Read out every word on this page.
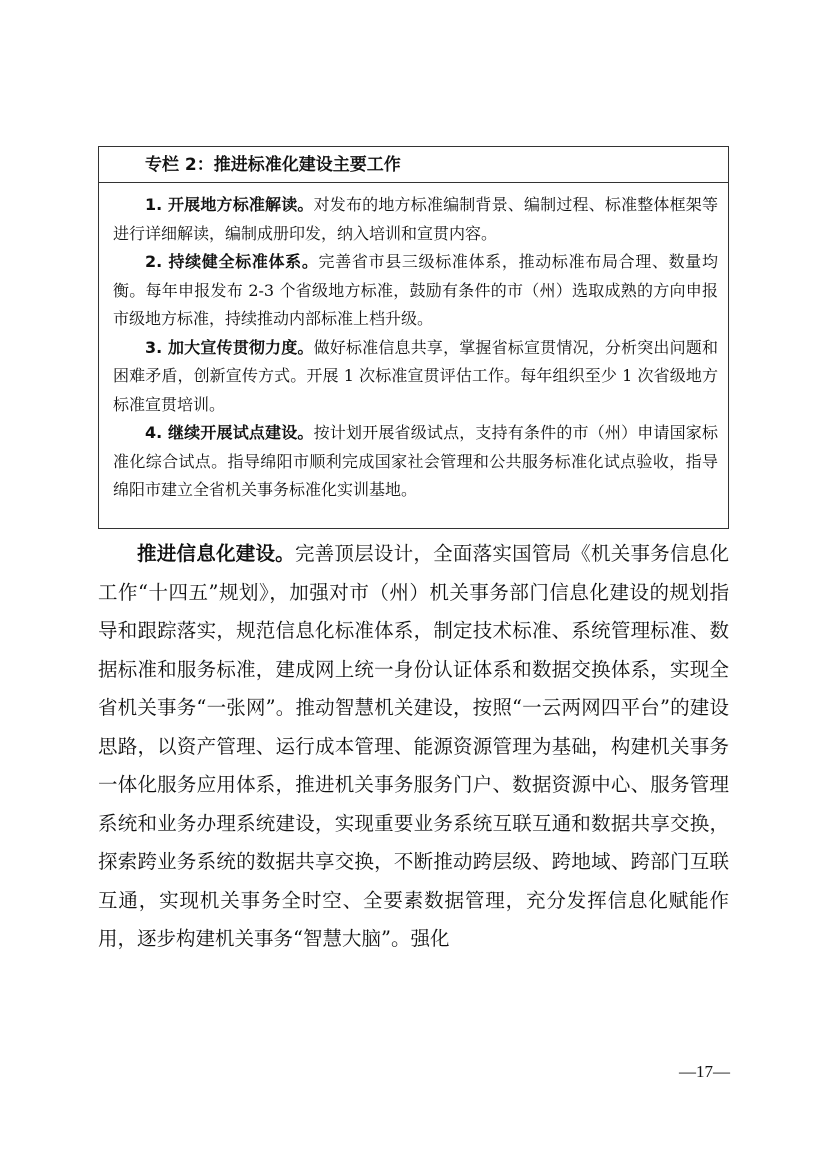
专栏 2：推进标准化建设主要工作

1. 开展地方标准解读。对发布的地方标准编制背景、编制过程、标准整体框架等进行详细解读，编制成册印发，纳入培训和宣贯内容。

2. 持续健全标准体系。完善省市县三级标准体系，推动标准布局合理、数量均衡。每年申报发布 2-3 个省级地方标准，鼓励有条件的市（州）选取成熟的方向申报市级地方标准，持续推动内部标准上档升级。

3. 加大宣传贯彻力度。做好标准信息共享，掌握省标宣贯情况，分析突出问题和困难矛盾，创新宣传方式。开展 1 次标准宣贯评估工作。每年组织至少 1 次省级地方标准宣贯培训。

4. 继续开展试点建设。按计划开展省级试点，支持有条件的市（州）申请国家标准化综合试点。指导绵阳市顺利完成国家社会管理和公共服务标准化试点验收，指导绵阳市建立全省机关事务标准化实训基地。

推进信息化建设。完善顶层设计，全面落实国管局《机关事务信息化工作“十四五”规划》，加强对市（州）机关事务部门信息化建设的规划指导和跟踪落实，规范信息化标准体系，制定技术标准、系统管理标准、数据标准和服务标准，建成网上统一身份认证体系和数据交换体系，实现全省机关事务“一张网”。推动智慧机关建设，按照“一云两网四平台”的建设思路，以资产管理、运行成本管理、能源资源管理为基础，构建机关事务一体化服务应用体系，推进机关事务服务门户、数据资源中心、服务管理系统和业务办理系统建设，实现重要业务系统互联互通和数据共享交换，探索跨业务系统的数据共享交换，不断推动跨层级、跨地域、跨部门互联互通，实现机关事务全时空、全要素数据管理，充分发挥信息化赋能作用，逐步构建机关事务“智慧大脑”。强化

—17—
